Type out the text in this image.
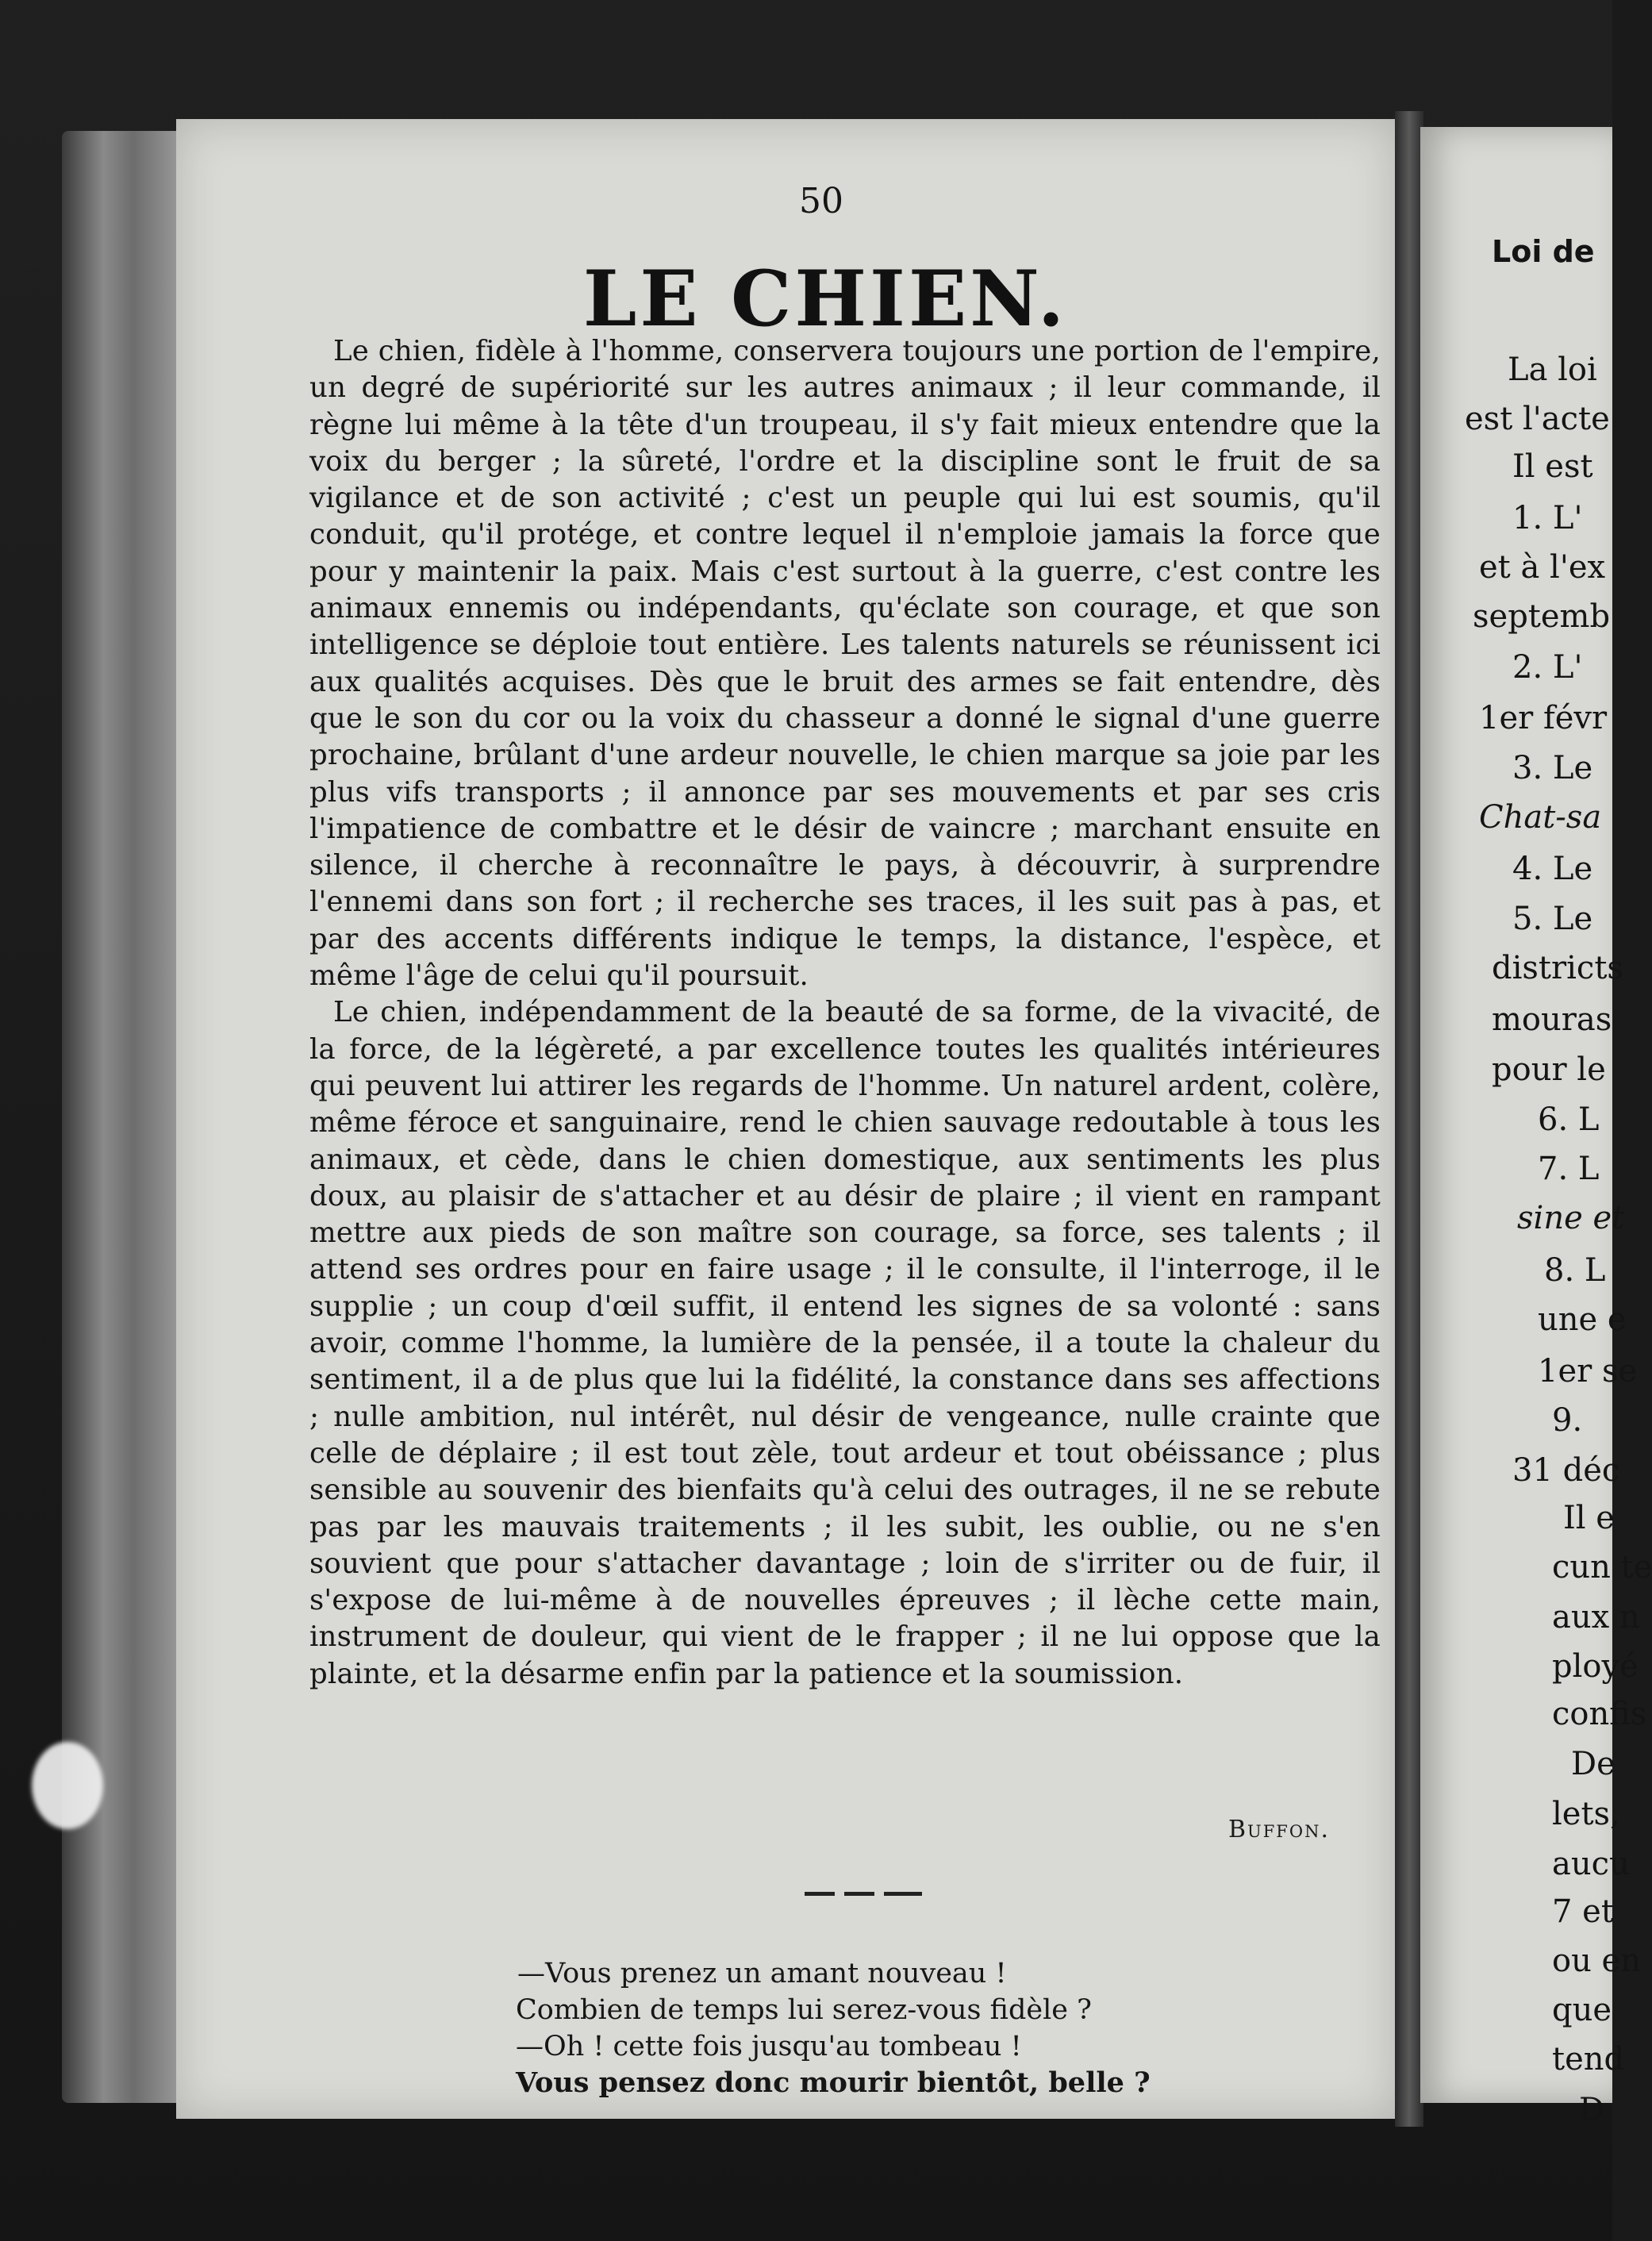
50
LE CHIEN.

Le chien, fidèle à l'homme, conservera toujours une portion de l'empire, un degré de supériorité sur les autres animaux ; il leur commande, il règne lui même à la tête d'un troupeau, il s'y fait mieux entendre que la voix du berger ; la sûreté, l'ordre et la discipline sont le fruit de sa vigilance et de son activité ; c'est un peuple qui lui est soumis, qu'il conduit, qu'il protége, et contre lequel il n'emploie jamais la force que pour y maintenir la paix. Mais c'est surtout à la guerre, c'est contre les animaux ennemis ou indépendants, qu'éclate son courage, et que son intelligence se déploie tout entière. Les talents naturels se réunissent ici aux qualités acquises. Dès que le bruit des armes se fait entendre, dès que le son du cor ou la voix du chasseur a donné le signal d'une guerre prochaine, brûlant d'une ardeur nouvelle, le chien marque sa joie par les plus vifs transports ; il annonce par ses mouvements et par ses cris l'impatience de combattre et le désir de vaincre ; marchant ensuite en silence, il cherche à reconnaître le pays, à découvrir, à surprendre l'ennemi dans son fort ; il recherche ses traces, il les suit pas à pas, et par des accents différents indique le temps, la distance, l'espèce, et même l'âge de celui qu'il poursuit.

Le chien, indépendamment de la beauté de sa forme, de la vivacité, de la force, de la légèreté, a par excellence toutes les qualités intérieures qui peuvent lui attirer les regards de l'homme. Un naturel ardent, colère, même féroce et sanguinaire, rend le chien sauvage redoutable à tous les animaux, et cède, dans le chien domestique, aux sentiments les plus doux, au plaisir de s'attacher et au désir de plaire ; il vient en rampant mettre aux pieds de son maître son courage, sa force, ses talents ; il attend ses ordres pour en faire usage ; il le consulte, il l'interroge, il le supplie ; un coup d'œil suffit, il entend les signes de sa volonté : sans avoir, comme l'homme, la lumière de la pensée, il a toute la chaleur du sentiment, il a de plus que lui la fidélité, la constance dans ses affections ; nulle ambition, nul intérêt, nul désir de vengeance, nulle crainte que celle de déplaire ; il est tout zèle, tout ardeur et tout obéissance ; plus sensible au souvenir des bienfaits qu'à celui des outrages, il ne se rebute pas par les mauvais traitements ; il les subit, les oublie, ou ne s'en souvient que pour s'attacher davantage ; loin de s'irriter ou de fuir, il s'expose de lui-même à de nouvelles épreuves ; il lèche cette main, instrument de douleur, qui vient de le frapper ; il ne lui oppose que la plainte, et la désarme enfin par la patience et la soumission.

Buffon.
—Vous prenez un amant nouveau !
Combien de temps lui serez-vous fidèle ?
—Oh ! cette fois jusqu'au tombeau !
Vous pensez donc mourir bientôt, belle ?
Loi de
La loi
est l'acte
Il est
1. L'
et à l'ex
septemb
2. L'
1er févr
3. Le
Chat-sa
4. Le
5. Le
districts
mouras
pour le
6. L
7. L
sine et
8. L
une e
1er se
9.
31 déc
Il e
cun te
aux n
ployé
confis
De
lets,
aucu
7 et
ou en
que
tend
D
